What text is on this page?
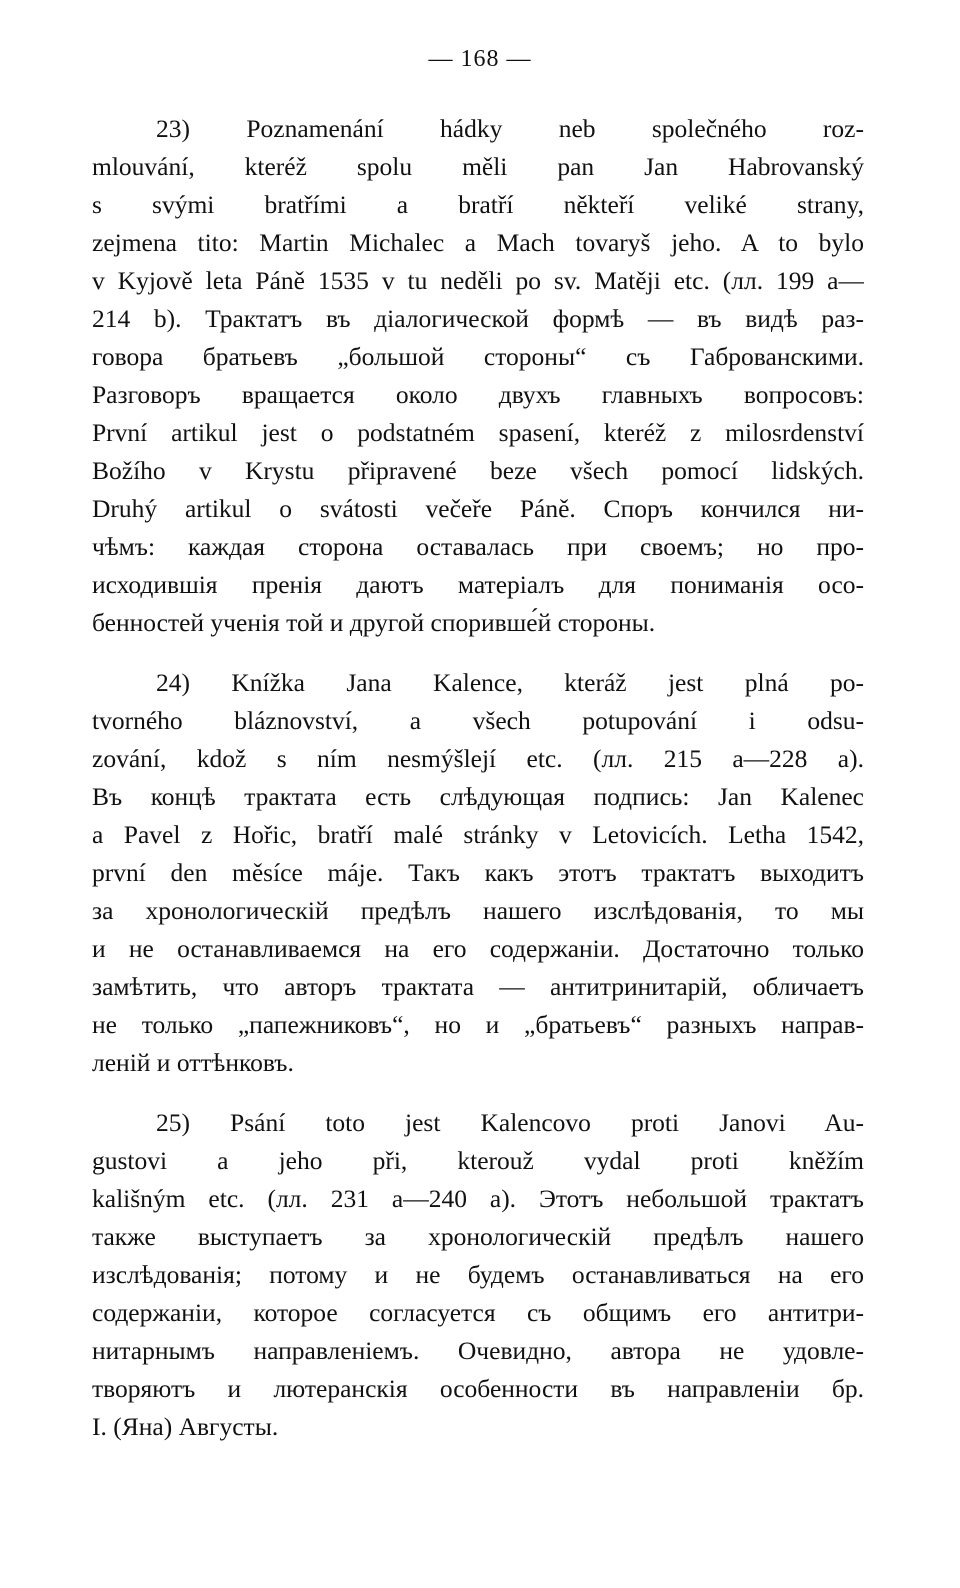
— 168 —
23) Poznamenání hádky neb společného roz-
mlouvání, kteréž spolu měli pan Jan Habrovanský
s svými bratřími a bratří někteří veliké strany,
zejmena tito: Martin Michalec a Mach tovaryš jeho. A to bylo
v Kyjově leta Páně 1535 v tu neděli po sv. Matěji etc. (лл. 199 а—
214 b). Трактатъ въ діалогической формѣ — въ видѣ раз-
говора братьевъ „большой стороны“ съ Габрованскими.
Разговоръ вращается около двухъ главныхъ вопросовъ:
První artikul jest o podstatném spasení, kteréž z milosrdenství
Božího v Krystu připravené beze všech pomocí lidských.
Druhý artikul o svátosti večeře Páně. Споръ кончился ни-
чѣмъ: каждая сторона оставалась при своемъ; но про-
исходившія пренія даютъ матеріалъ для пониманія осо-
бенностей ученія той и другой споривше́й стороны.
24) Knížka Jana Kalence, kteráž jest plná po-
tvorného bláznovství, a všech potupování i odsu-
zování, kdož s ním nesmýšlejí etc. (лл. 215 а—228 а).
Въ концѣ трактата есть слѣдующая подпись: Jan Kalenec
a Pavel z Hořic, bratří malé stránky v Letovicích. Letha 1542,
první den měsíce máje. Такъ какъ этотъ трактатъ выходитъ
за хронологическій предѣлъ нашего изслѣдованія, то мы
и не останавливаемся на его содержаніи. Достаточно только
замѣтить, что авторъ трактата — антитринитарій, обличаетъ
не только „папежниковъ“, но и „братьевъ“ разныхъ направ-
леній и оттѣнковъ.
25) Psání toto jest Kalencovo proti Janovi Au-
gustovi a jeho při, kterouž vydal proti kněžím
kališným etc. (лл. 231 а—240 а). Этотъ небольшой трактатъ
также выступаетъ за хронологическій предѣлъ нашего
изслѣдованія; потому и не будемъ останавливаться на его
содержаніи, которое согласуется съ общимъ его антитри-
нитарнымъ направленіемъ. Очевидно, автора не удовле-
творяютъ и лютеранскія особенности въ направленіи бр.
I. (Яна) Августы.
